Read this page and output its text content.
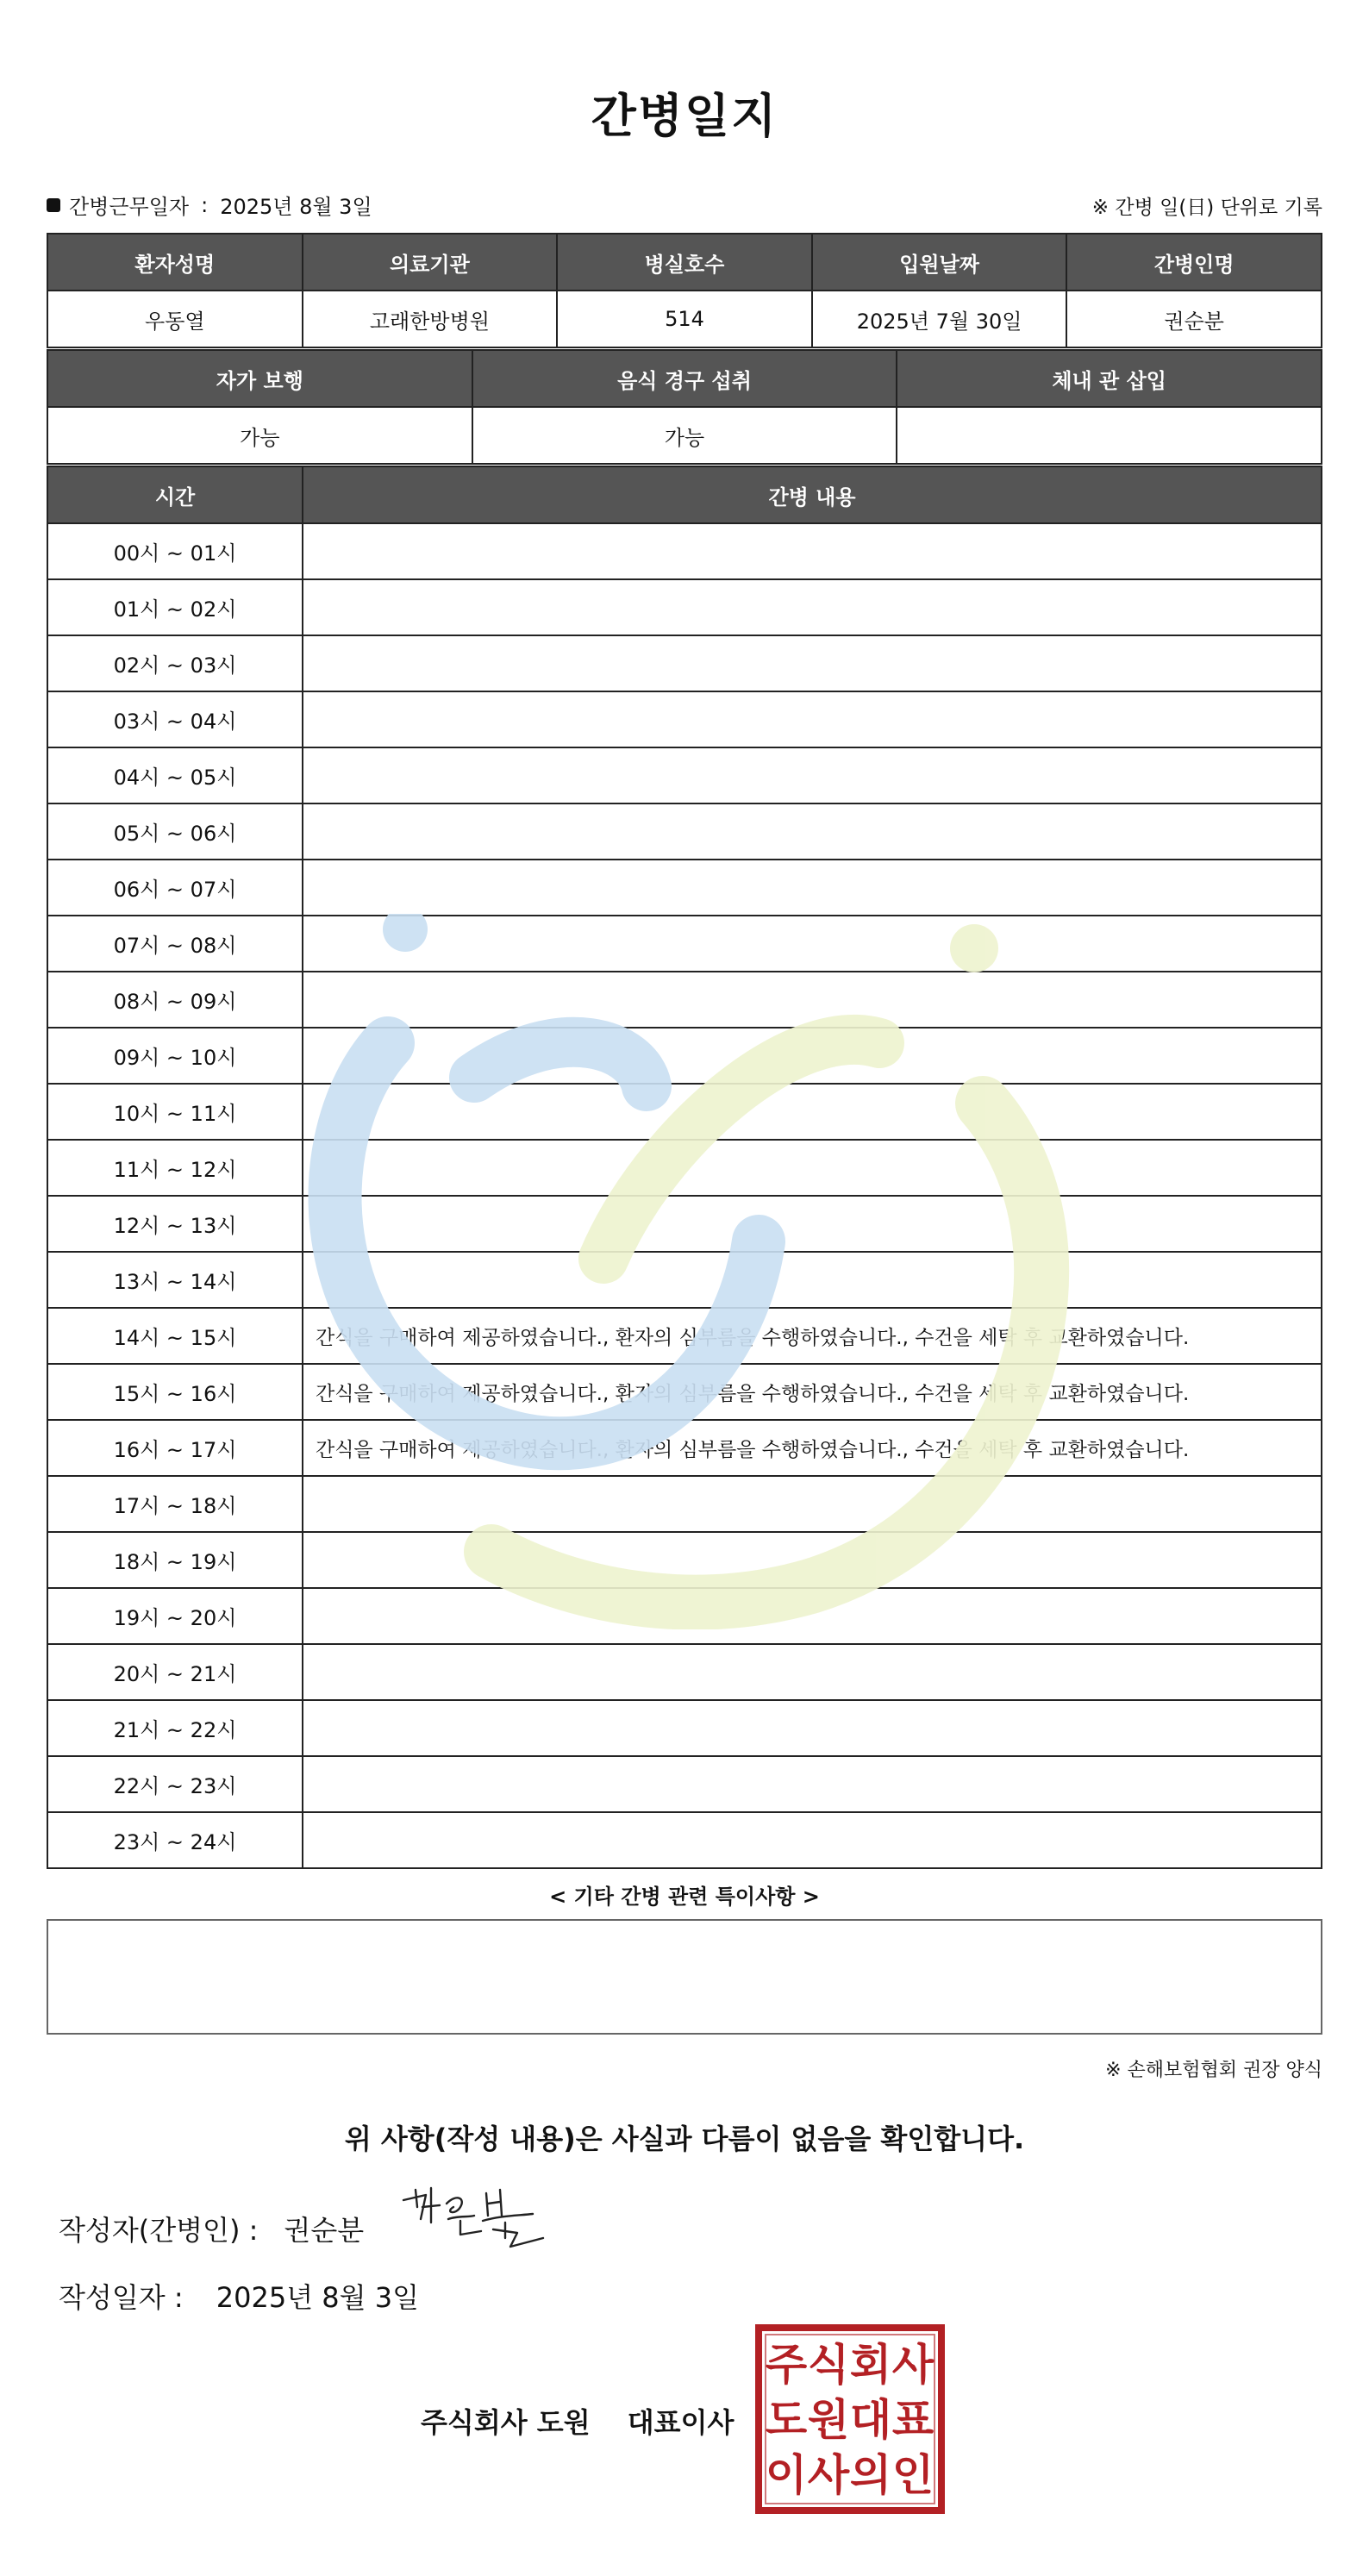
간병일지
간병근무일자 : 2025년 8월 3일	※ 간병 일(日) 단위로 기록
환자성명	의료기관	병실호수	입원날짜	간병인명
우동열	고래한방병원	514	2025년 7월 30일	권순분
자가 보행	음식 경구 섭취	체내 관 삽입
가능	가능	
시간	간병 내용
00시 ~ 01시	
01시 ~ 02시	
02시 ~ 03시	
03시 ~ 04시	
04시 ~ 05시	
05시 ~ 06시	
06시 ~ 07시	
07시 ~ 08시	
08시 ~ 09시	
09시 ~ 10시	
10시 ~ 11시	
11시 ~ 12시	
12시 ~ 13시	
13시 ~ 14시	
14시 ~ 15시	간식을 구매하여 제공하였습니다., 환자의 심부름을 수행하였습니다., 수건을 세탁 후 교환하였습니다.
15시 ~ 16시	간식을 구매하여 제공하였습니다., 환자의 심부름을 수행하였습니다., 수건을 세탁 후 교환하였습니다.
16시 ~ 17시	간식을 구매하여 제공하였습니다., 환자의 심부름을 수행하였습니다., 수건을 세탁 후 교환하였습니다.
17시 ~ 18시	
18시 ~ 19시	
19시 ~ 20시	
20시 ~ 21시	
21시 ~ 22시	
22시 ~ 23시	
23시 ~ 24시	
< 기타 간병 관련 특이사항 >
※ 손해보험협회 권장 양식
위 사항(작성 내용)은 사실과 다름이 없음을 확인합니다.
작성자(간병인) : 권순분
작성일자 : 2025년 8월 3일
주식회사 도원 대표이사
주 식 회 사
도 원 대 표
이 사 의 인
